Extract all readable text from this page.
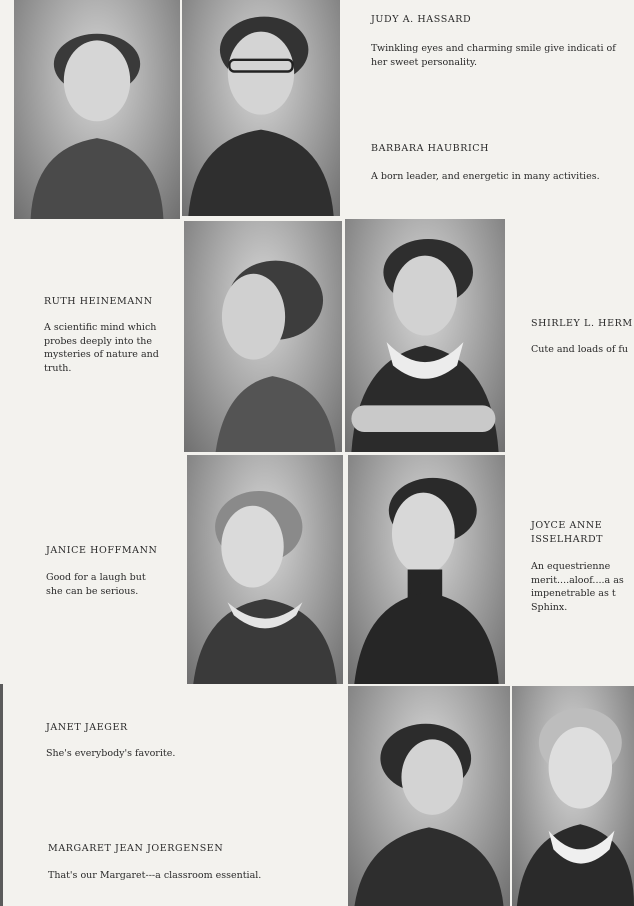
JUDY A. HASSARD
Twinkling eyes and charming smile give indicati of her sweet personality.
BARBARA HAUBRICH
A born leader, and energetic in many activities.
RUTH HEINEMANN
A scientific mind which probes deeply into the mysteries of nature and truth.
SHIRLEY L. HERM
Cute and loads of fu
JANICE HOFFMANN
Good for a laugh but she can be serious.
JOYCE ANNE ISSELHARDT
An equestrienne merit....aloof....a as impenetrable as t Sphinx.
JANET JAEGER
She's everybody's favorite.
MARGARET JEAN JOERGENSEN
That's our Margaret---a classroom essential.
